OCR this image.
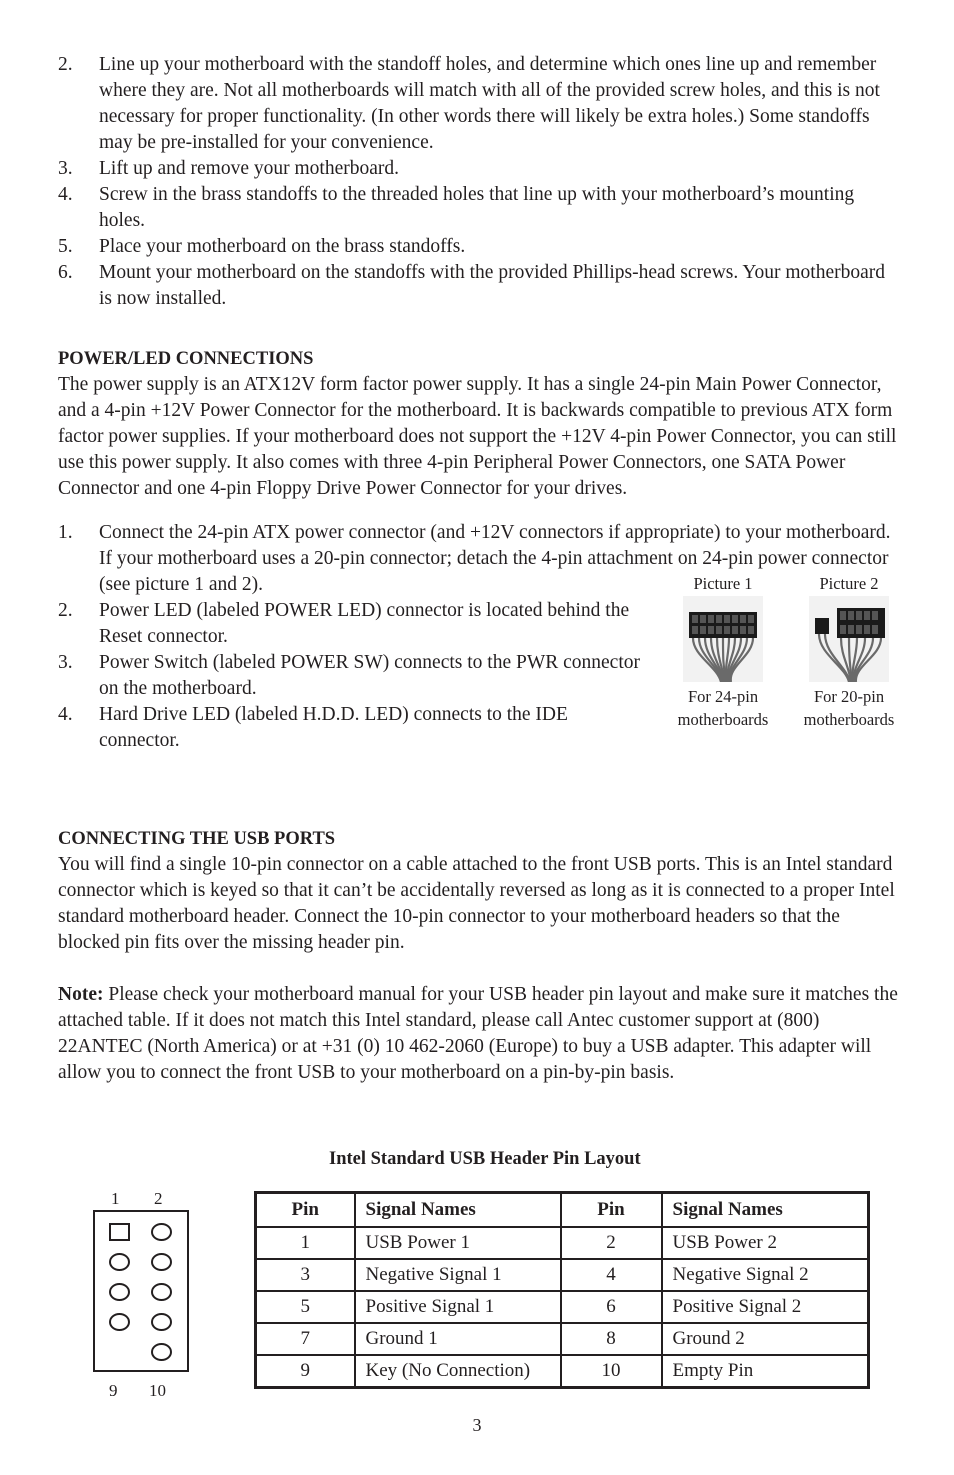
2. Line up your motherboard with the standoff holes, and determine which ones line up and remember where they are. Not all motherboards will match with all of the provided screw holes, and this is not necessary for proper functionality. (In other words there will likely be extra holes.) Some standoffs may be pre-installed for your convenience.
3. Lift up and remove your motherboard.
4. Screw in the brass standoffs to the threaded holes that line up with your motherboard’s mounting holes.
5. Place your motherboard on the brass standoffs.
6. Mount your motherboard on the standoffs with the provided Phillips-head screws. Your motherboard is now installed.
POWER/LED CONNECTIONS

The power supply is an ATX12V form factor power supply. It has a single 24-pin Main Power Connector, and a 4-pin +12V Power Connector for the motherboard. It is backwards compatible to previous ATX form factor power supplies. If your motherboard does not support the +12V 4-pin Power Connector, you can still use this power supply. It also comes with three 4-pin Peripheral Power Connectors, one SATA Power Connector and one 4-pin Floppy Drive Power Connector for your drives.

1. Connect the 24-pin ATX power connector (and +12V connectors if appropriate) to your motherboard. If your motherboard uses a 20-pin connector; detach the 4-pin attachment on 24-pin power connector (see picture 1 and 2).
2. Power LED (labeled POWER LED) connector is located behind the Reset connector.
3. Power Switch (labeled POWER SW) connects to the PWR connector on the motherboard.
4. Hard Drive LED (labeled H.D.D. LED) connects to the IDE connector.
Picture 1
For 24-pin
motherboards
Picture 2
For 20-pin
motherboards
CONNECTING THE USB PORTS

You will find a single 10-pin connector on a cable attached to the front USB ports. This is an Intel standard connector which is keyed so that it can’t be accidentally reversed as long as it is connected to a proper Intel standard motherboard header. Connect the 10-pin connector to your motherboard headers so that the blocked pin fits over the missing header pin.

Note: Please check your motherboard manual for your USB header pin layout and make sure it matches the attached table. If it does not match this Intel standard, please call Antec customer support at (800) 22ANTEC (North America) or at +31 (0) 10 462-2060 (Europe) to buy a USB adapter. This adapter will allow you to connect the front USB to your motherboard on a pin-by-pin basis.

Intel Standard USB Header Pin Layout
1 2
9 10
Pin	Signal Names	Pin	Signal Names
1	USB Power 1	2	USB Power 2
3	Negative Signal 1	4	Negative Signal 2
5	Positive Signal 1	6	Positive Signal 2
7	Ground 1	8	Ground 2
9	Key (No Connection)	10	Empty Pin
3
